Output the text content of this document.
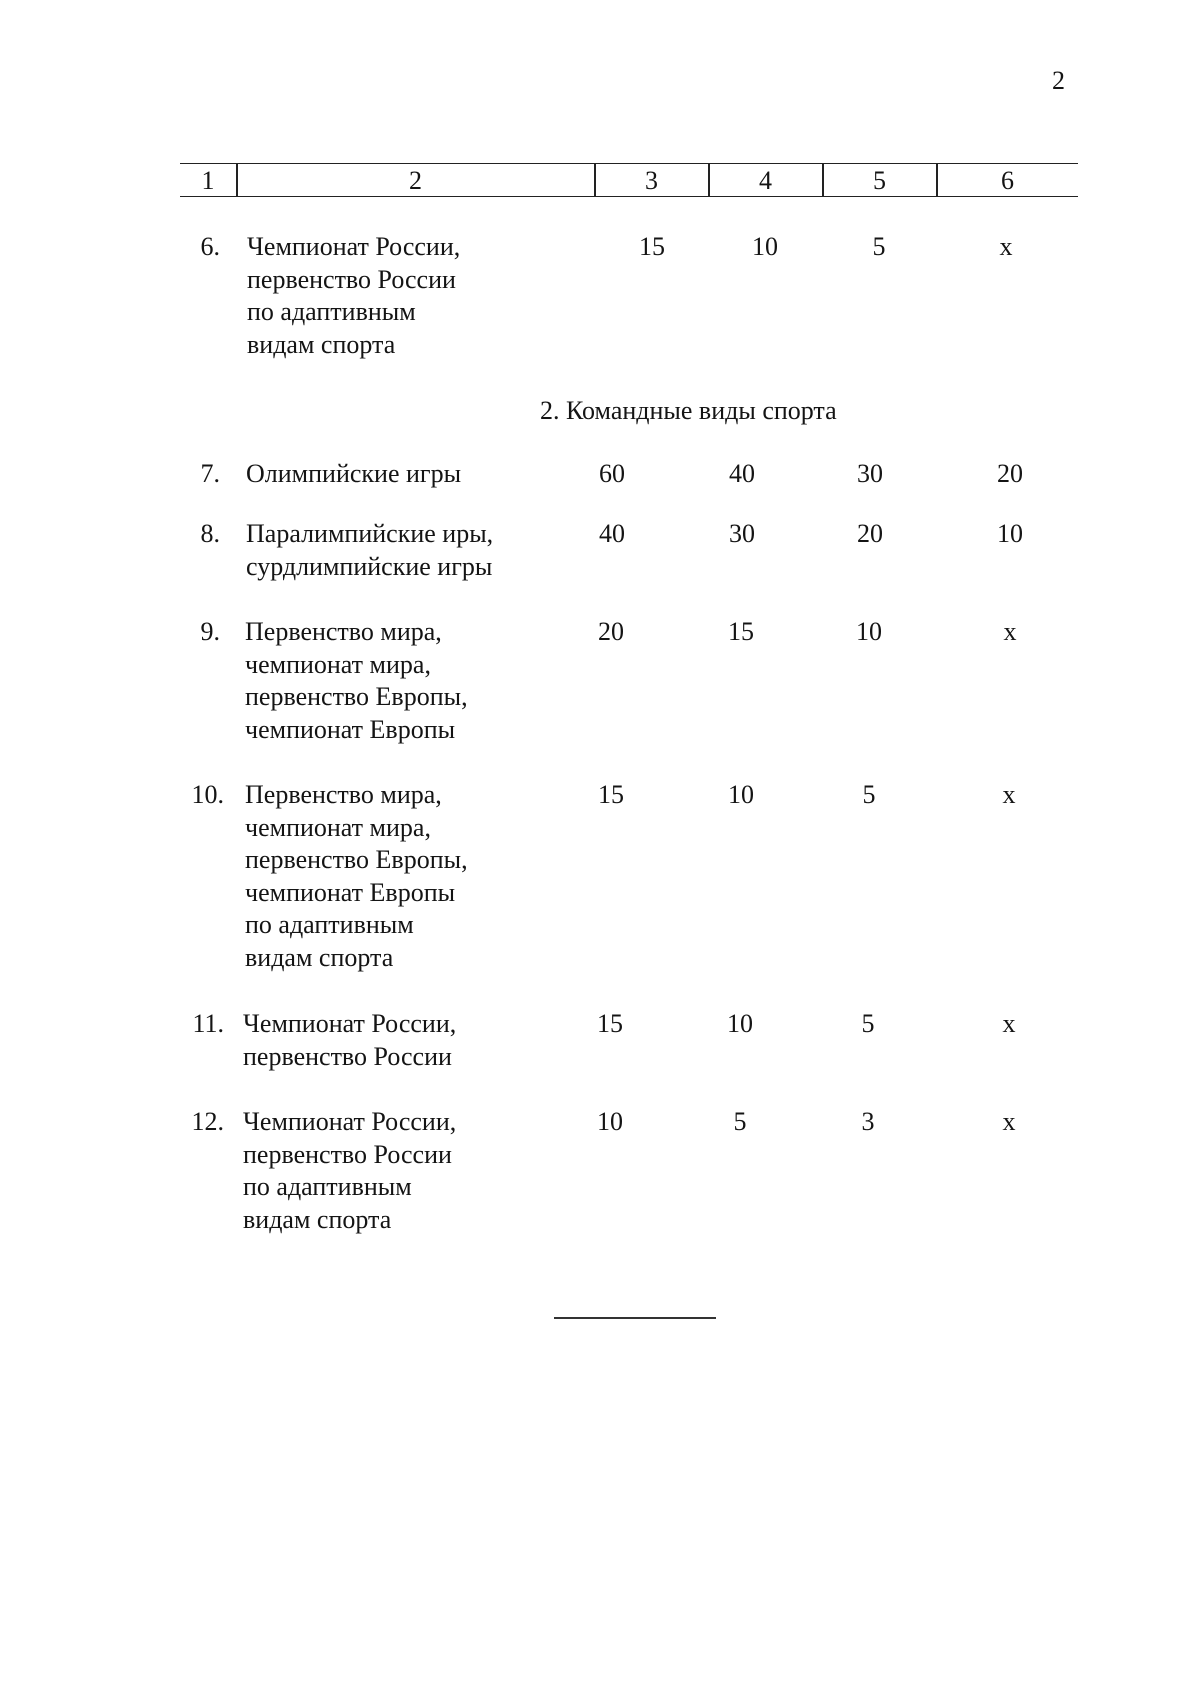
2
1	2	3	4	5	6
6. Чемпионат России,
первенство России
по адаптивным
видам спорта
15	10	5	х
2. Командные виды спорта
7. Олимпийские игры	60	40	30	20
8. Паралимпийские иры,
сурдлимпийские игры
40	30	20	10
9. Первенство мира,
чемпионат мира,
первенство Европы,
чемпионат Европы
20	15	10	х
10. Первенство мира,
чемпионат мира,
первенство Европы,
чемпионат Европы
по адаптивным
видам спорта
15	10	5	х
11. Чемпионат России,
первенство России
15	10	5	х
12. Чемпионат России,
первенство России
по адаптивным
видам спорта
10	5	3	х
